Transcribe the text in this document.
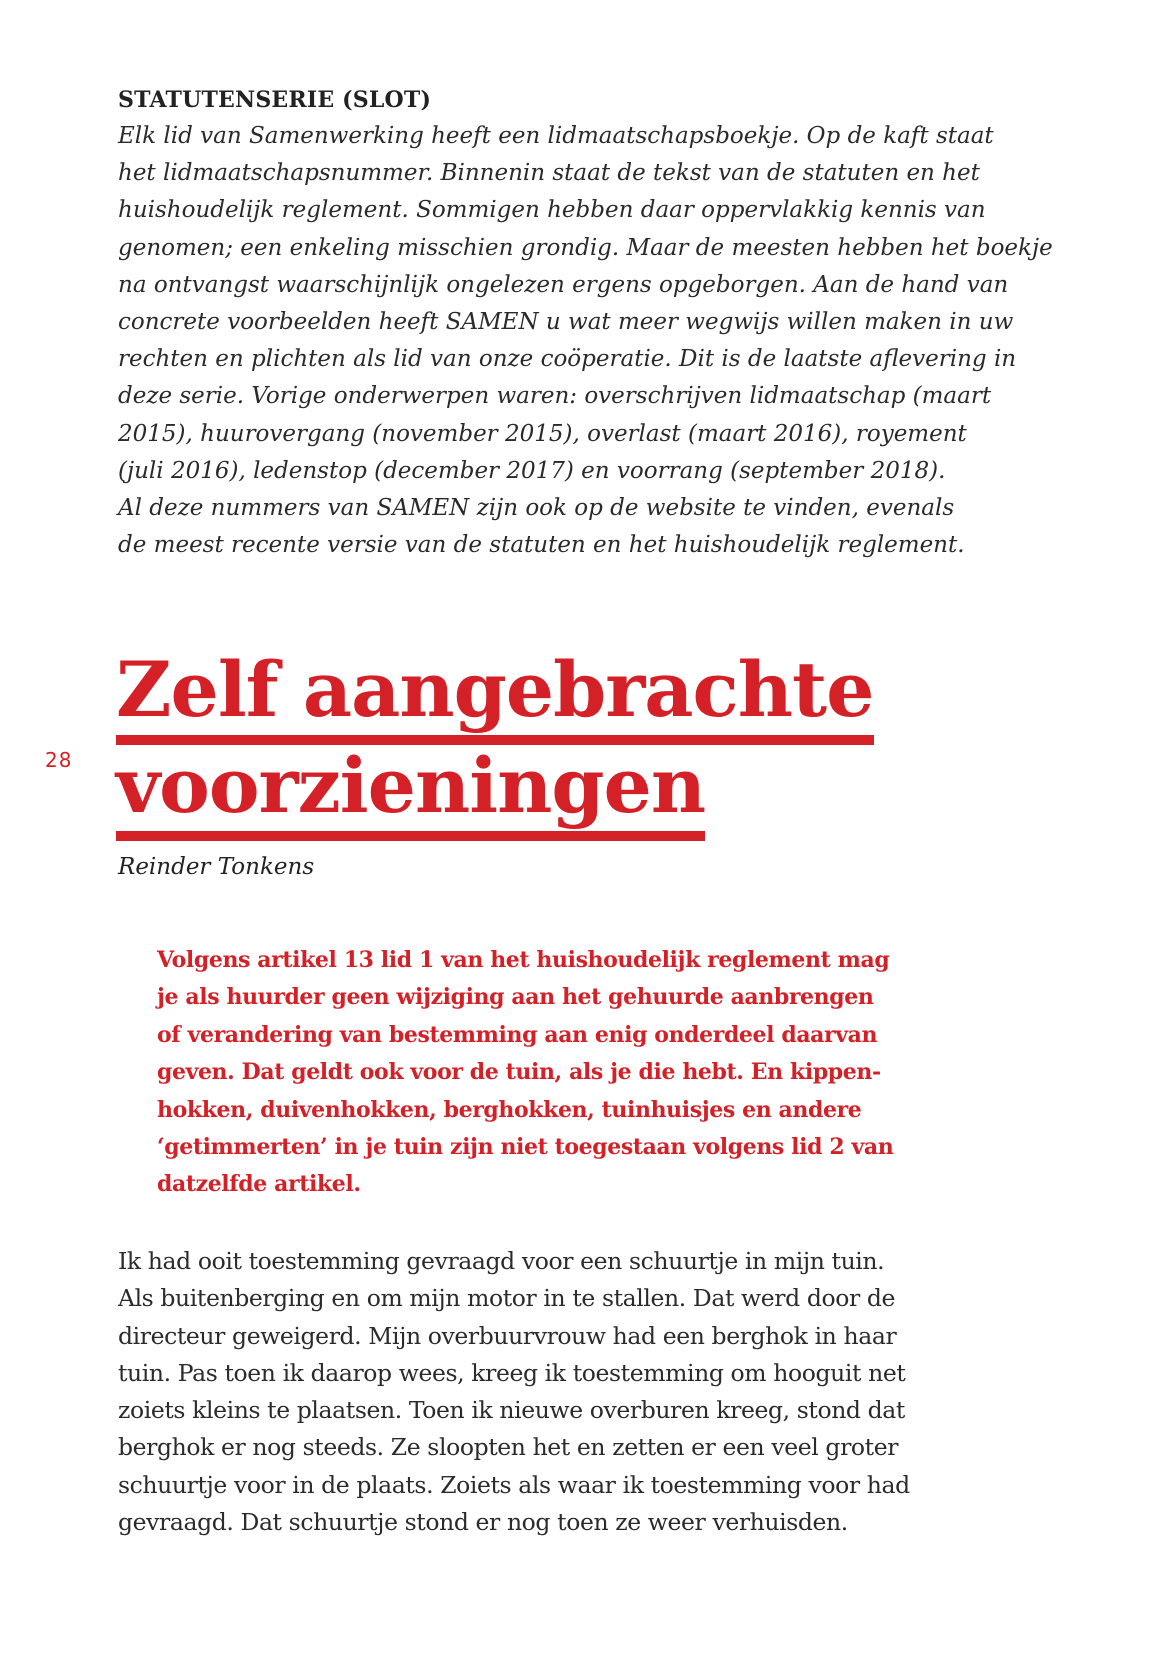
STATUTENSERIE (SLOT)
Elk lid van Samenwerking heeft een lidmaatschapsboekje. Op de kaft staat
het lidmaatschapsnummer. Binnenin staat de tekst van de statuten en het
huishoudelijk reglement. Sommigen hebben daar oppervlakkig kennis van
genomen; een enkeling misschien grondig. Maar de meesten hebben het boekje
na ontvangst waarschijnlijk ongelezen ergens opgeborgen. Aan de hand van
concrete voorbeelden heeft SAMEN u wat meer wegwijs willen maken in uw
rechten en plichten als lid van onze coöperatie. Dit is de laatste aflevering in
deze serie. Vorige onderwerpen waren: overschrijven lidmaatschap (maart
2015), huurovergang (november 2015), overlast (maart 2016), royement
(juli 2016), ledenstop (december 2017) en voorrang (september 2018).
Al deze nummers van SAMEN zijn ook op de website te vinden, evenals
de meest recente versie van de statuten en het huishoudelijk reglement.
28
Zelf aangebrachte
voorzieningen
Reinder Tonkens
Volgens artikel 13 lid 1 van het huishoudelijk reglement mag
je als huurder geen wijziging aan het gehuurde aanbrengen
of verandering van bestemming aan enig onderdeel daarvan
geven. Dat geldt ook voor de tuin, als je die hebt. En kippen-
hokken, duivenhokken, berghokken, tuinhuisjes en andere
‘getimmerten’ in je tuin zijn niet toegestaan volgens lid 2 van
datzelfde artikel.
Ik had ooit toestemming gevraagd voor een schuurtje in mijn tuin.
Als buitenberging en om mijn motor in te stallen. Dat werd door de
directeur geweigerd. Mijn overbuurvrouw had een berghok in haar
tuin. Pas toen ik daarop wees, kreeg ik toestemming om hooguit net
zoiets kleins te plaatsen. Toen ik nieuwe overburen kreeg, stond dat
berghok er nog steeds. Ze sloopten het en zetten er een veel groter
schuurtje voor in de plaats. Zoiets als waar ik toestemming voor had
gevraagd. Dat schuurtje stond er nog toen ze weer verhuisden.
